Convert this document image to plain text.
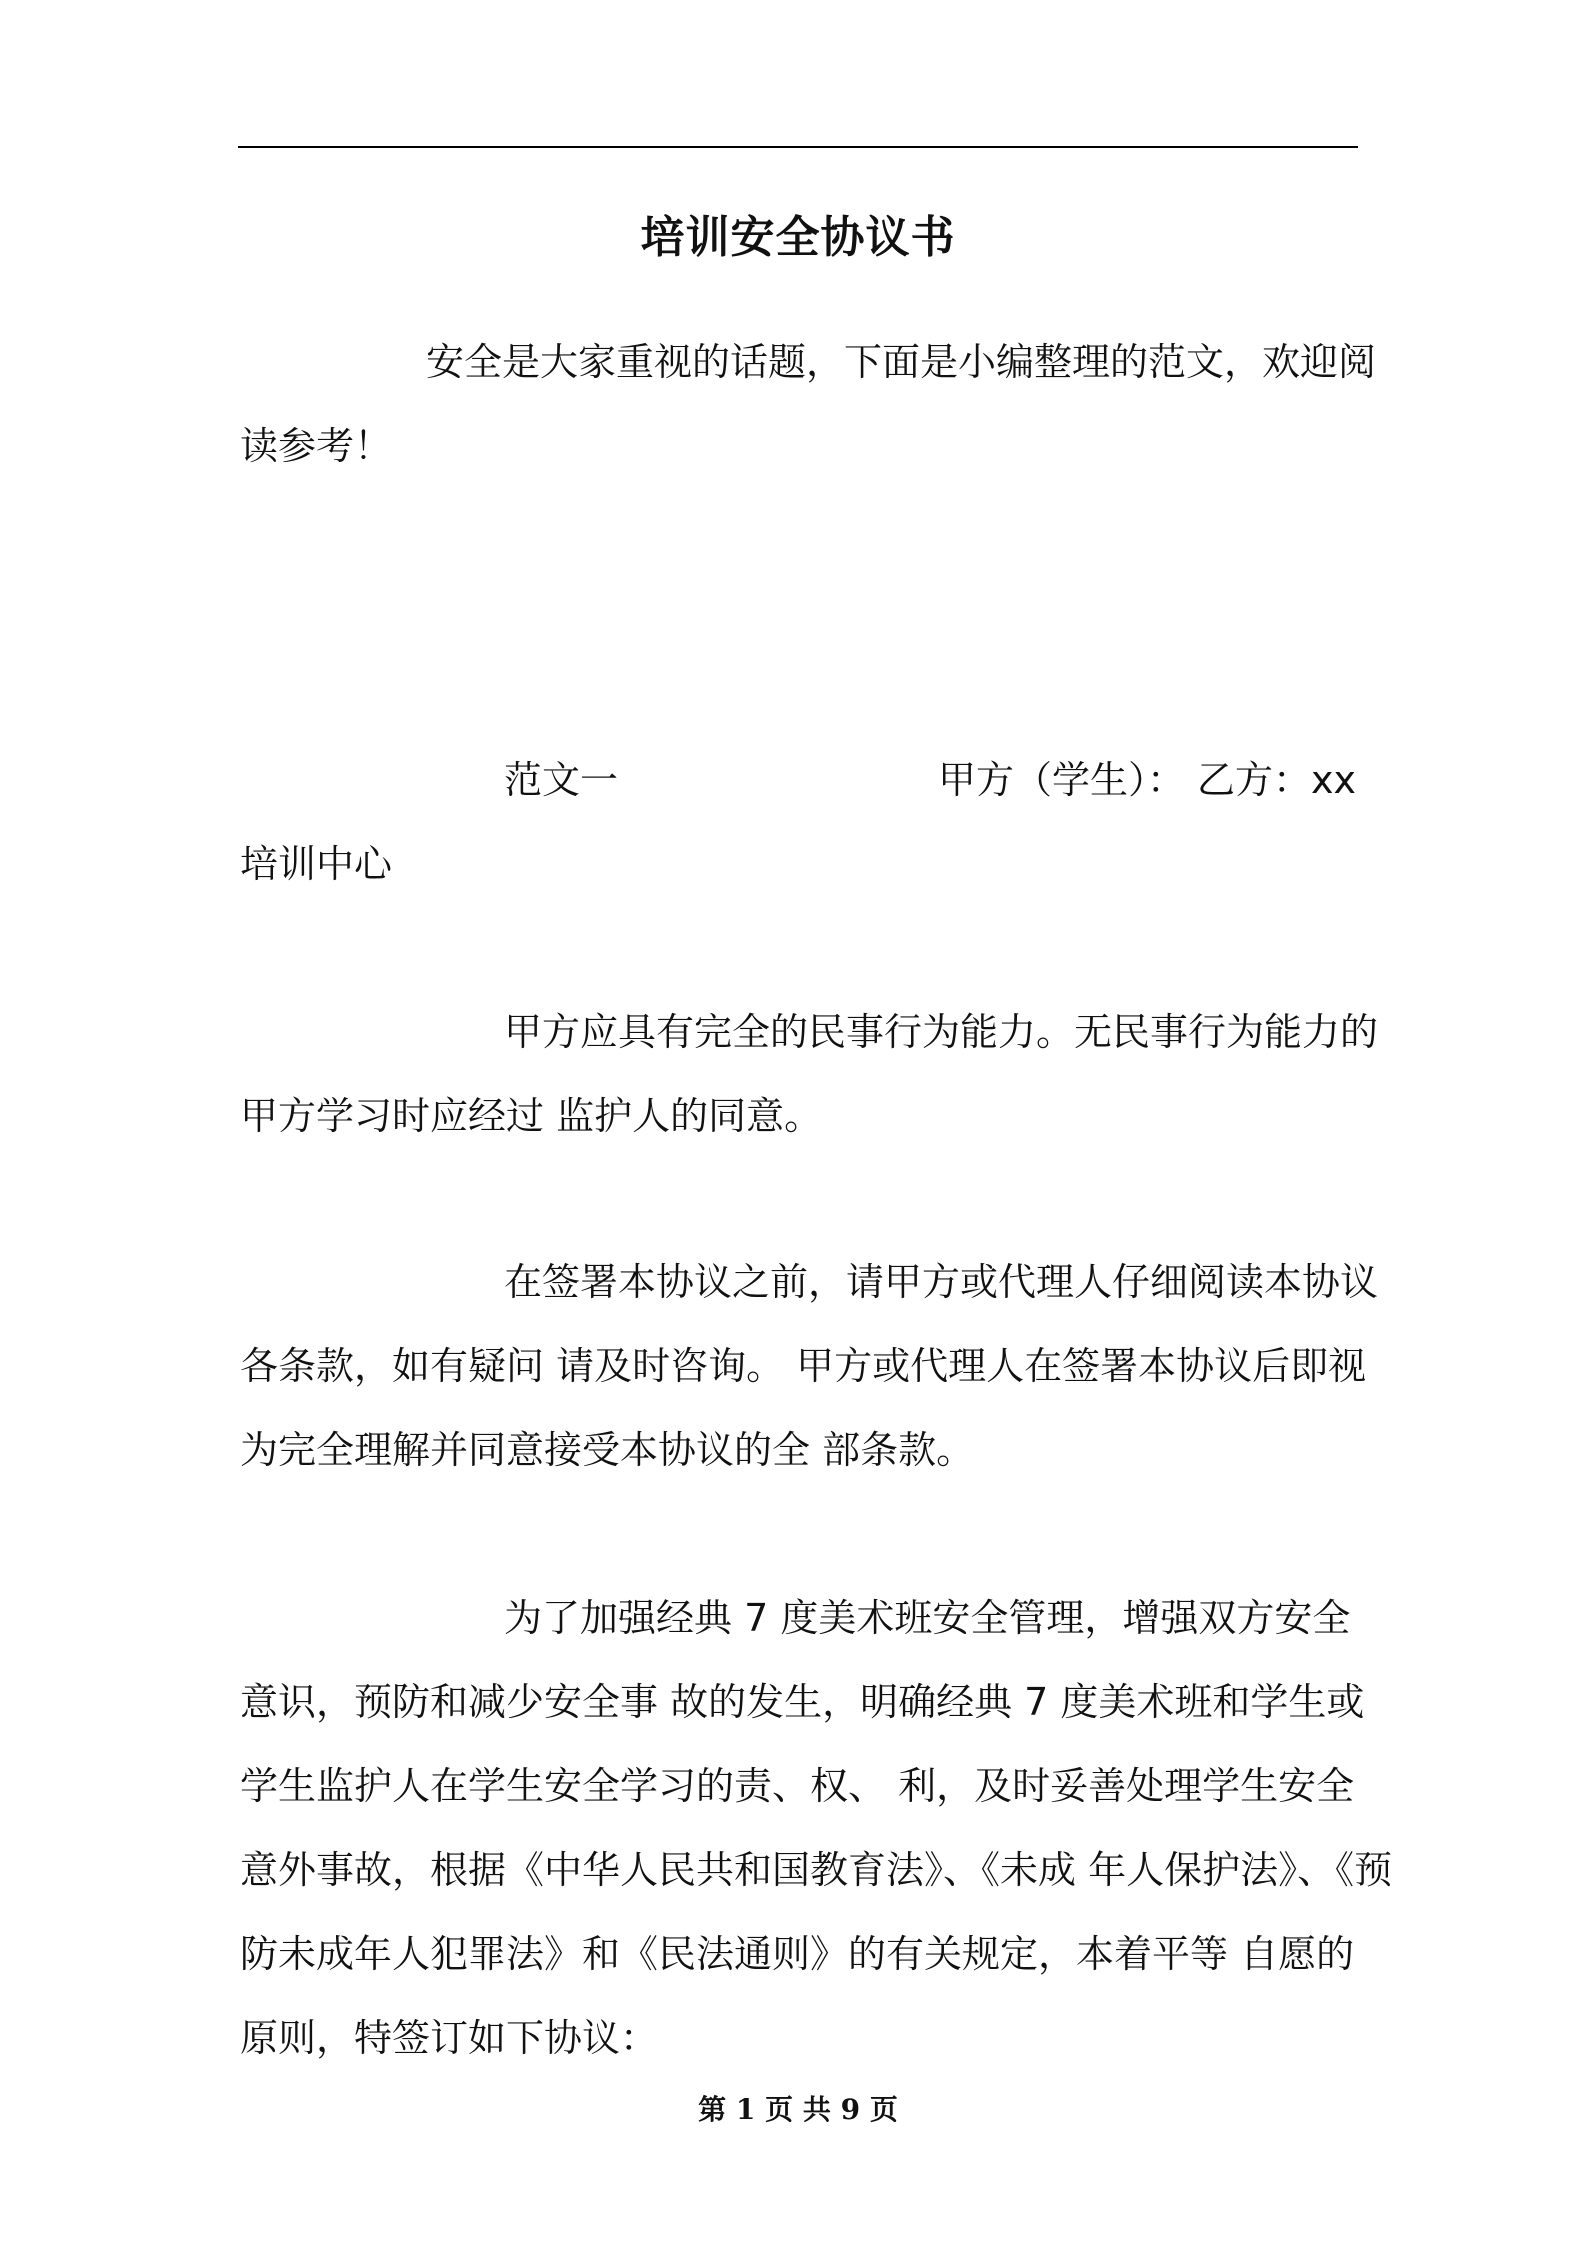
培训安全协议书
安全是大家重视的话题，下面是小编整理的范文，欢迎阅
读参考！
范文一	甲方（学生）： 乙方：xx
培训中心
甲方应具有完全的民事行为能力。无民事行为能力的
甲方学习时应经过 监护人的同意。
在签署本协议之前，请甲方或代理人仔细阅读本协议
各条款，如有疑问 请及时咨询。 甲方或代理人在签署本协议后即视
为完全理解并同意接受本协议的全 部条款。
为了加强经典 7 度美术班安全管理，增强双方安全
意识，预防和减少安全事 故的发生，明确经典 7 度美术班和学生或
学生监护人在学生安全学习的责、权、 利，及时妥善处理学生安全
意外事故，根据《中华人民共和国教育法》、《未成 年人保护法》、《预
防未成年人犯罪法》和《民法通则》的有关规定，本着平等 自愿的
原则，特签订如下协议：
第 1 页 共 9 页
